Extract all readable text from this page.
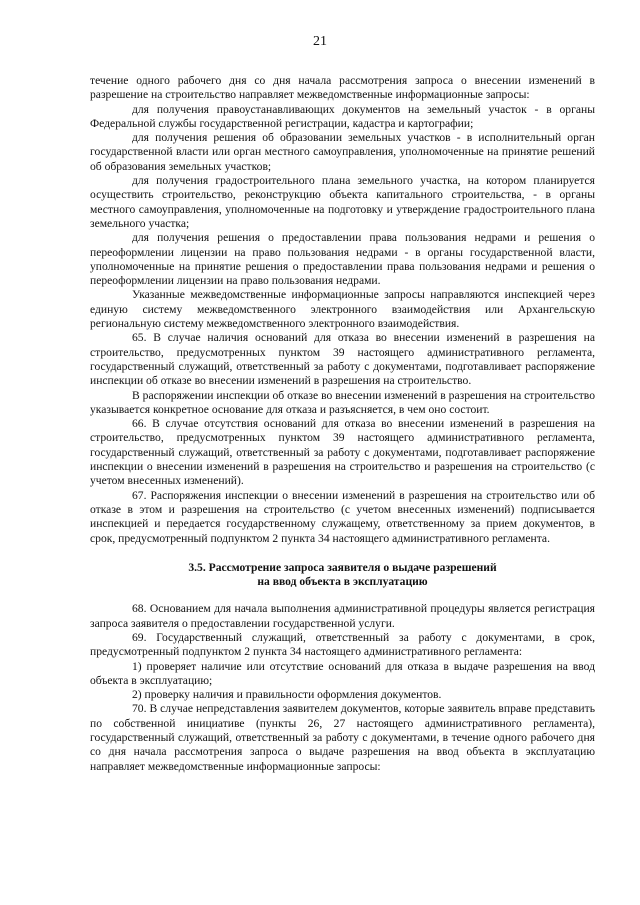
21

течение одного рабочего дня со дня начала рассмотрения запроса о внесении изменений в разрешение на строительство направляет межведомственные информационные запросы:

для получения правоустанавливающих документов на земельный участок - в органы Федеральной службы государственной регистрации, кадастра и картографии;

для получения решения об образовании земельных участков - в исполнительный орган государственной власти или орган местного самоуправления, уполномоченные на принятие решений об образования земельных участков;

для получения градостроительного плана земельного участка, на котором планируется осуществить строительство, реконструкцию объекта капитального строительства, - в органы местного самоуправления, уполномоченные на подготовку и утверждение градостроительного плана земельного участка;

для получения решения о предоставлении права пользования недрами и решения о переоформлении лицензии на право пользования недрами - в органы государственной власти, уполномоченные на принятие решения о предоставлении права пользования недрами и решения о переоформлении лицензии на право пользования недрами.

Указанные межведомственные информационные запросы направляются инспекцией через единую систему межведомственного электронного взаимодействия или Архангельскую региональную систему межведомственного электронного взаимодействия.

65. В случае наличия оснований для отказа во внесении изменений в разрешения на строительство, предусмотренных пунктом 39 настоящего административного регламента, государственный служащий, ответственный за работу с документами, подготавливает распоряжение инспекции об отказе во внесении изменений в разрешения на строительство.

В распоряжении инспекции об отказе во внесении изменений в разрешения на строительство указывается конкретное основание для отказа и разъясняется, в чем оно состоит.

66. В случае отсутствия оснований для отказа во внесении изменений в разрешения на строительство, предусмотренных пунктом 39 настоящего административного регламента, государственный служащий, ответственный за работу с документами, подготавливает распоряжение инспекции о внесении изменений в разрешения на строительство и разрешения на строительство (с учетом внесенных изменений).

67. Распоряжения инспекции о внесении изменений в разрешения на строительство или об отказе в этом и разрешения на строительство (с учетом внесенных изменений) подписывается инспекцией и передается государственному служащему, ответственному за прием документов, в срок, предусмотренный подпунктом 2 пункта 34 настоящего административного регламента.

3.5. Рассмотрение запроса заявителя о выдаче разрешений
на ввод объекта в эксплуатацию

68. Основанием для начала выполнения административной процедуры является регистрация запроса заявителя о предоставлении государственной услуги.

69. Государственный служащий, ответственный за работу с документами, в срок, предусмотренный подпунктом 2 пункта 34 настоящего административного регламента:

1) проверяет наличие или отсутствие оснований для отказа в выдаче разрешения на ввод объекта в эксплуатацию;

2) проверку наличия и правильности оформления документов.

70. В случае непредставления заявителем документов, которые заявитель вправе представить по собственной инициативе (пункты 26, 27 настоящего административного регламента), государственный служащий, ответственный за работу с документами, в течение одного рабочего дня со дня начала рассмотрения запроса о выдаче разрешения на ввод объекта в эксплуатацию направляет межведомственные информационные запросы:
